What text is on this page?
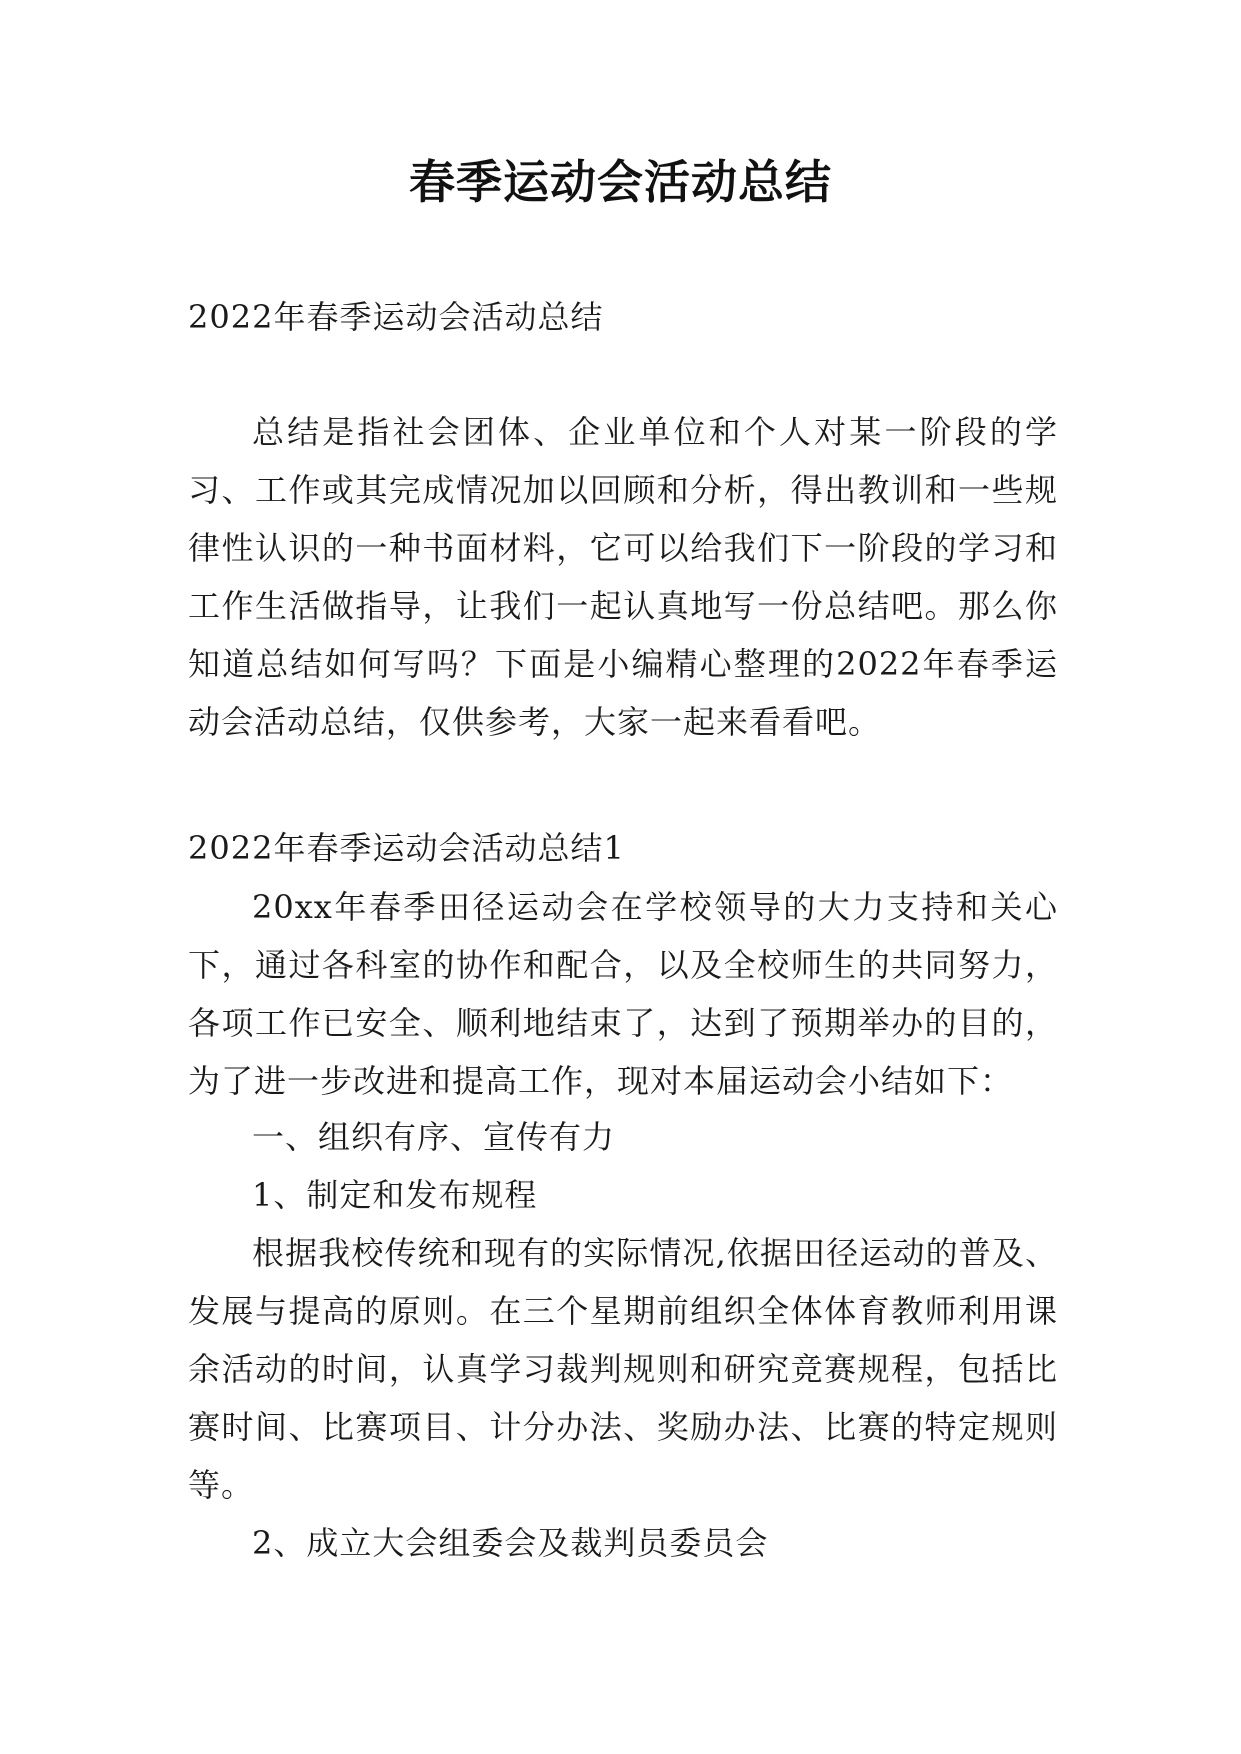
春季运动会活动总结

2022年春季运动会活动总结

总结是指社会团体、企业单位和个人对某一阶段的学习、工作或其完成情况加以回顾和分析，得出教训和一些规律性认识的一种书面材料，它可以给我们下一阶段的学习和工作生活做指导，让我们一起认真地写一份总结吧。那么你知道总结如何写吗？下面是小编精心整理的2022年春季运动会活动总结，仅供参考，大家一起来看看吧。

2022年春季运动会活动总结1

20xx年春季田径运动会在学校领导的大力支持和关心下，通过各科室的协作和配合，以及全校师生的共同努力，各项工作已安全、顺利地结束了，达到了预期举办的目的，为了进一步改进和提高工作，现对本届运动会小结如下：

一、组织有序、宣传有力

1、制定和发布规程

根据我校传统和现有的实际情况,依据田径运动的普及、发展与提高的原则。在三个星期前组织全体体育教师利用课余活动的时间，认真学习裁判规则和研究竞赛规程，包括比赛时间、比赛项目、计分办法、奖励办法、比赛的特定规则等。

2、成立大会组委会及裁判员委员会
